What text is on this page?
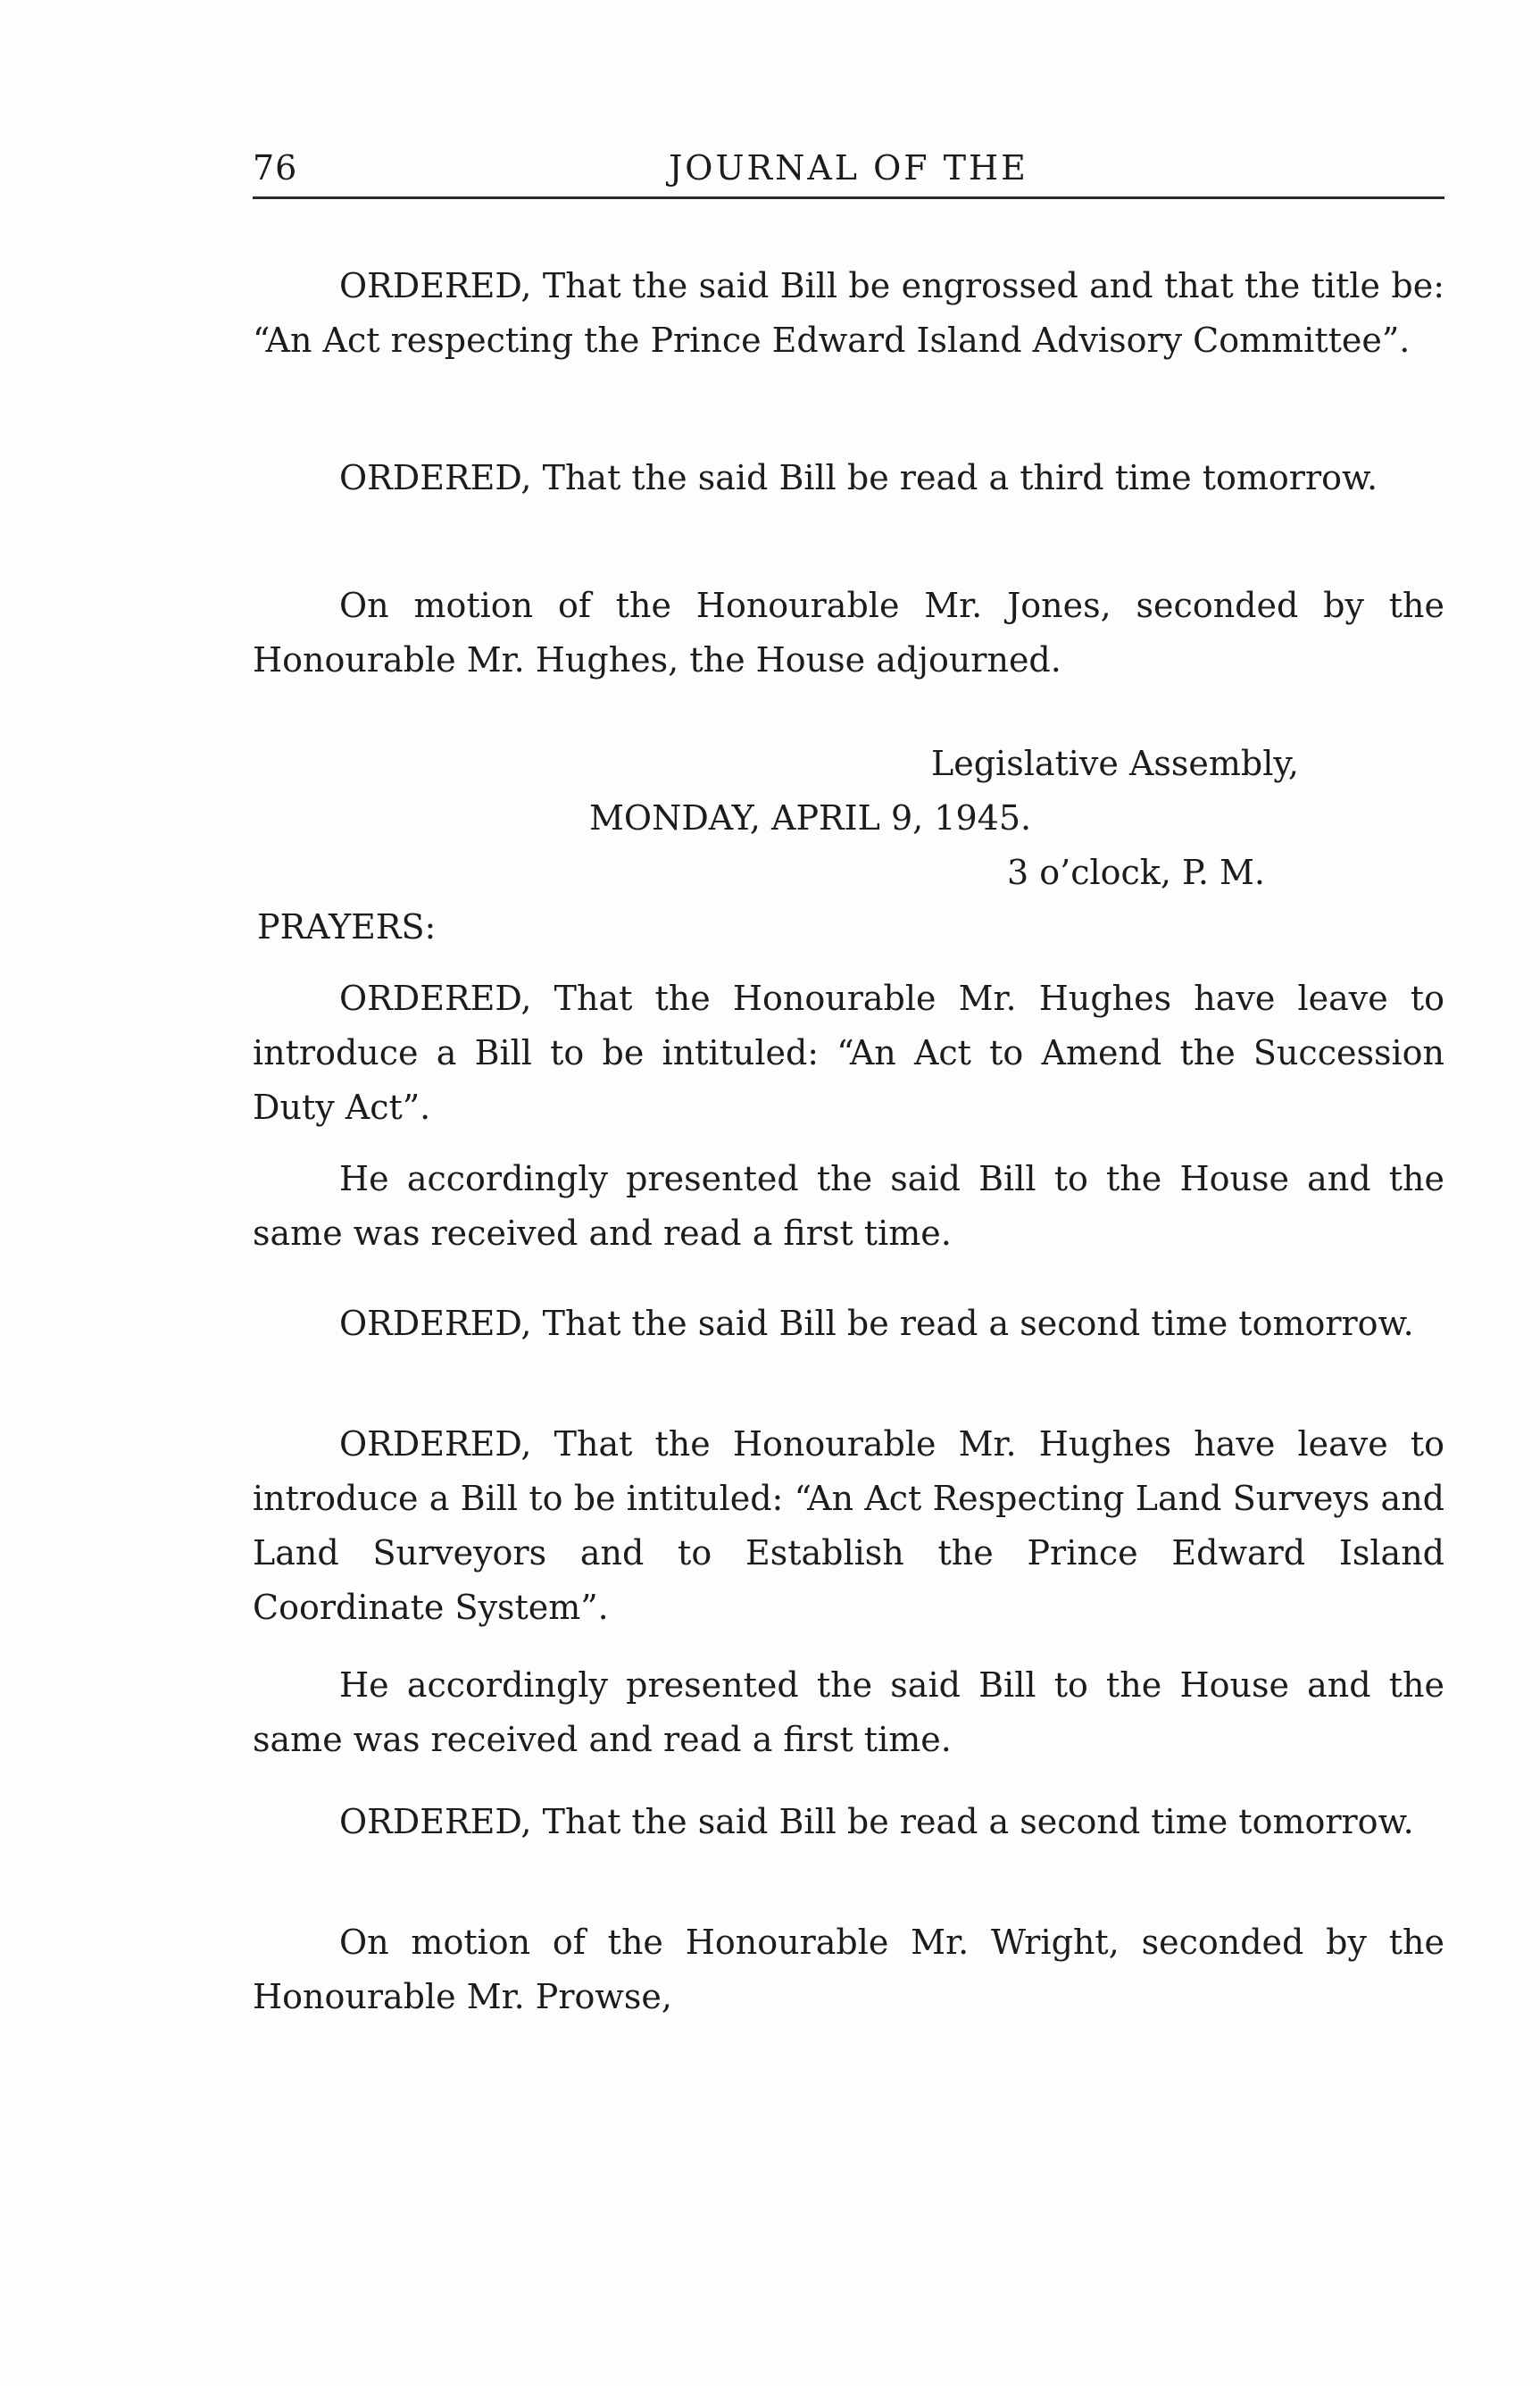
76	JOURNAL OF THE
ORDERED, That the said Bill be engrossed and that the title be: “An Act respecting the Prince Edward Island Advisory Committee”.
ORDERED, That the said Bill be read a third time tomorrow.
On motion of the Honourable Mr. Jones, seconded by the Honourable Mr. Hughes, the House adjourned.
Legislative Assembly,
MONDAY, APRIL 9, 1945.
3 o’clock, P. M.
PRAYERS:
ORDERED, That the Honourable Mr. Hughes have leave to introduce a Bill to be intituled: “An Act to Amend the Succession Duty Act”.
He accordingly presented the said Bill to the House and the same was received and read a first time.
ORDERED, That the said Bill be read a second time tomorrow.
ORDERED, That the Honourable Mr. Hughes have leave to introduce a Bill to be intituled: “An Act Respecting Land Surveys and Land Surveyors and to Establish the Prince Edward Island Coordinate System”.
He accordingly presented the said Bill to the House and the same was received and read a first time.
ORDERED, That the said Bill be read a second time tomorrow.
On motion of the Honourable Mr. Wright, seconded by the Honourable Mr. Prowse,
